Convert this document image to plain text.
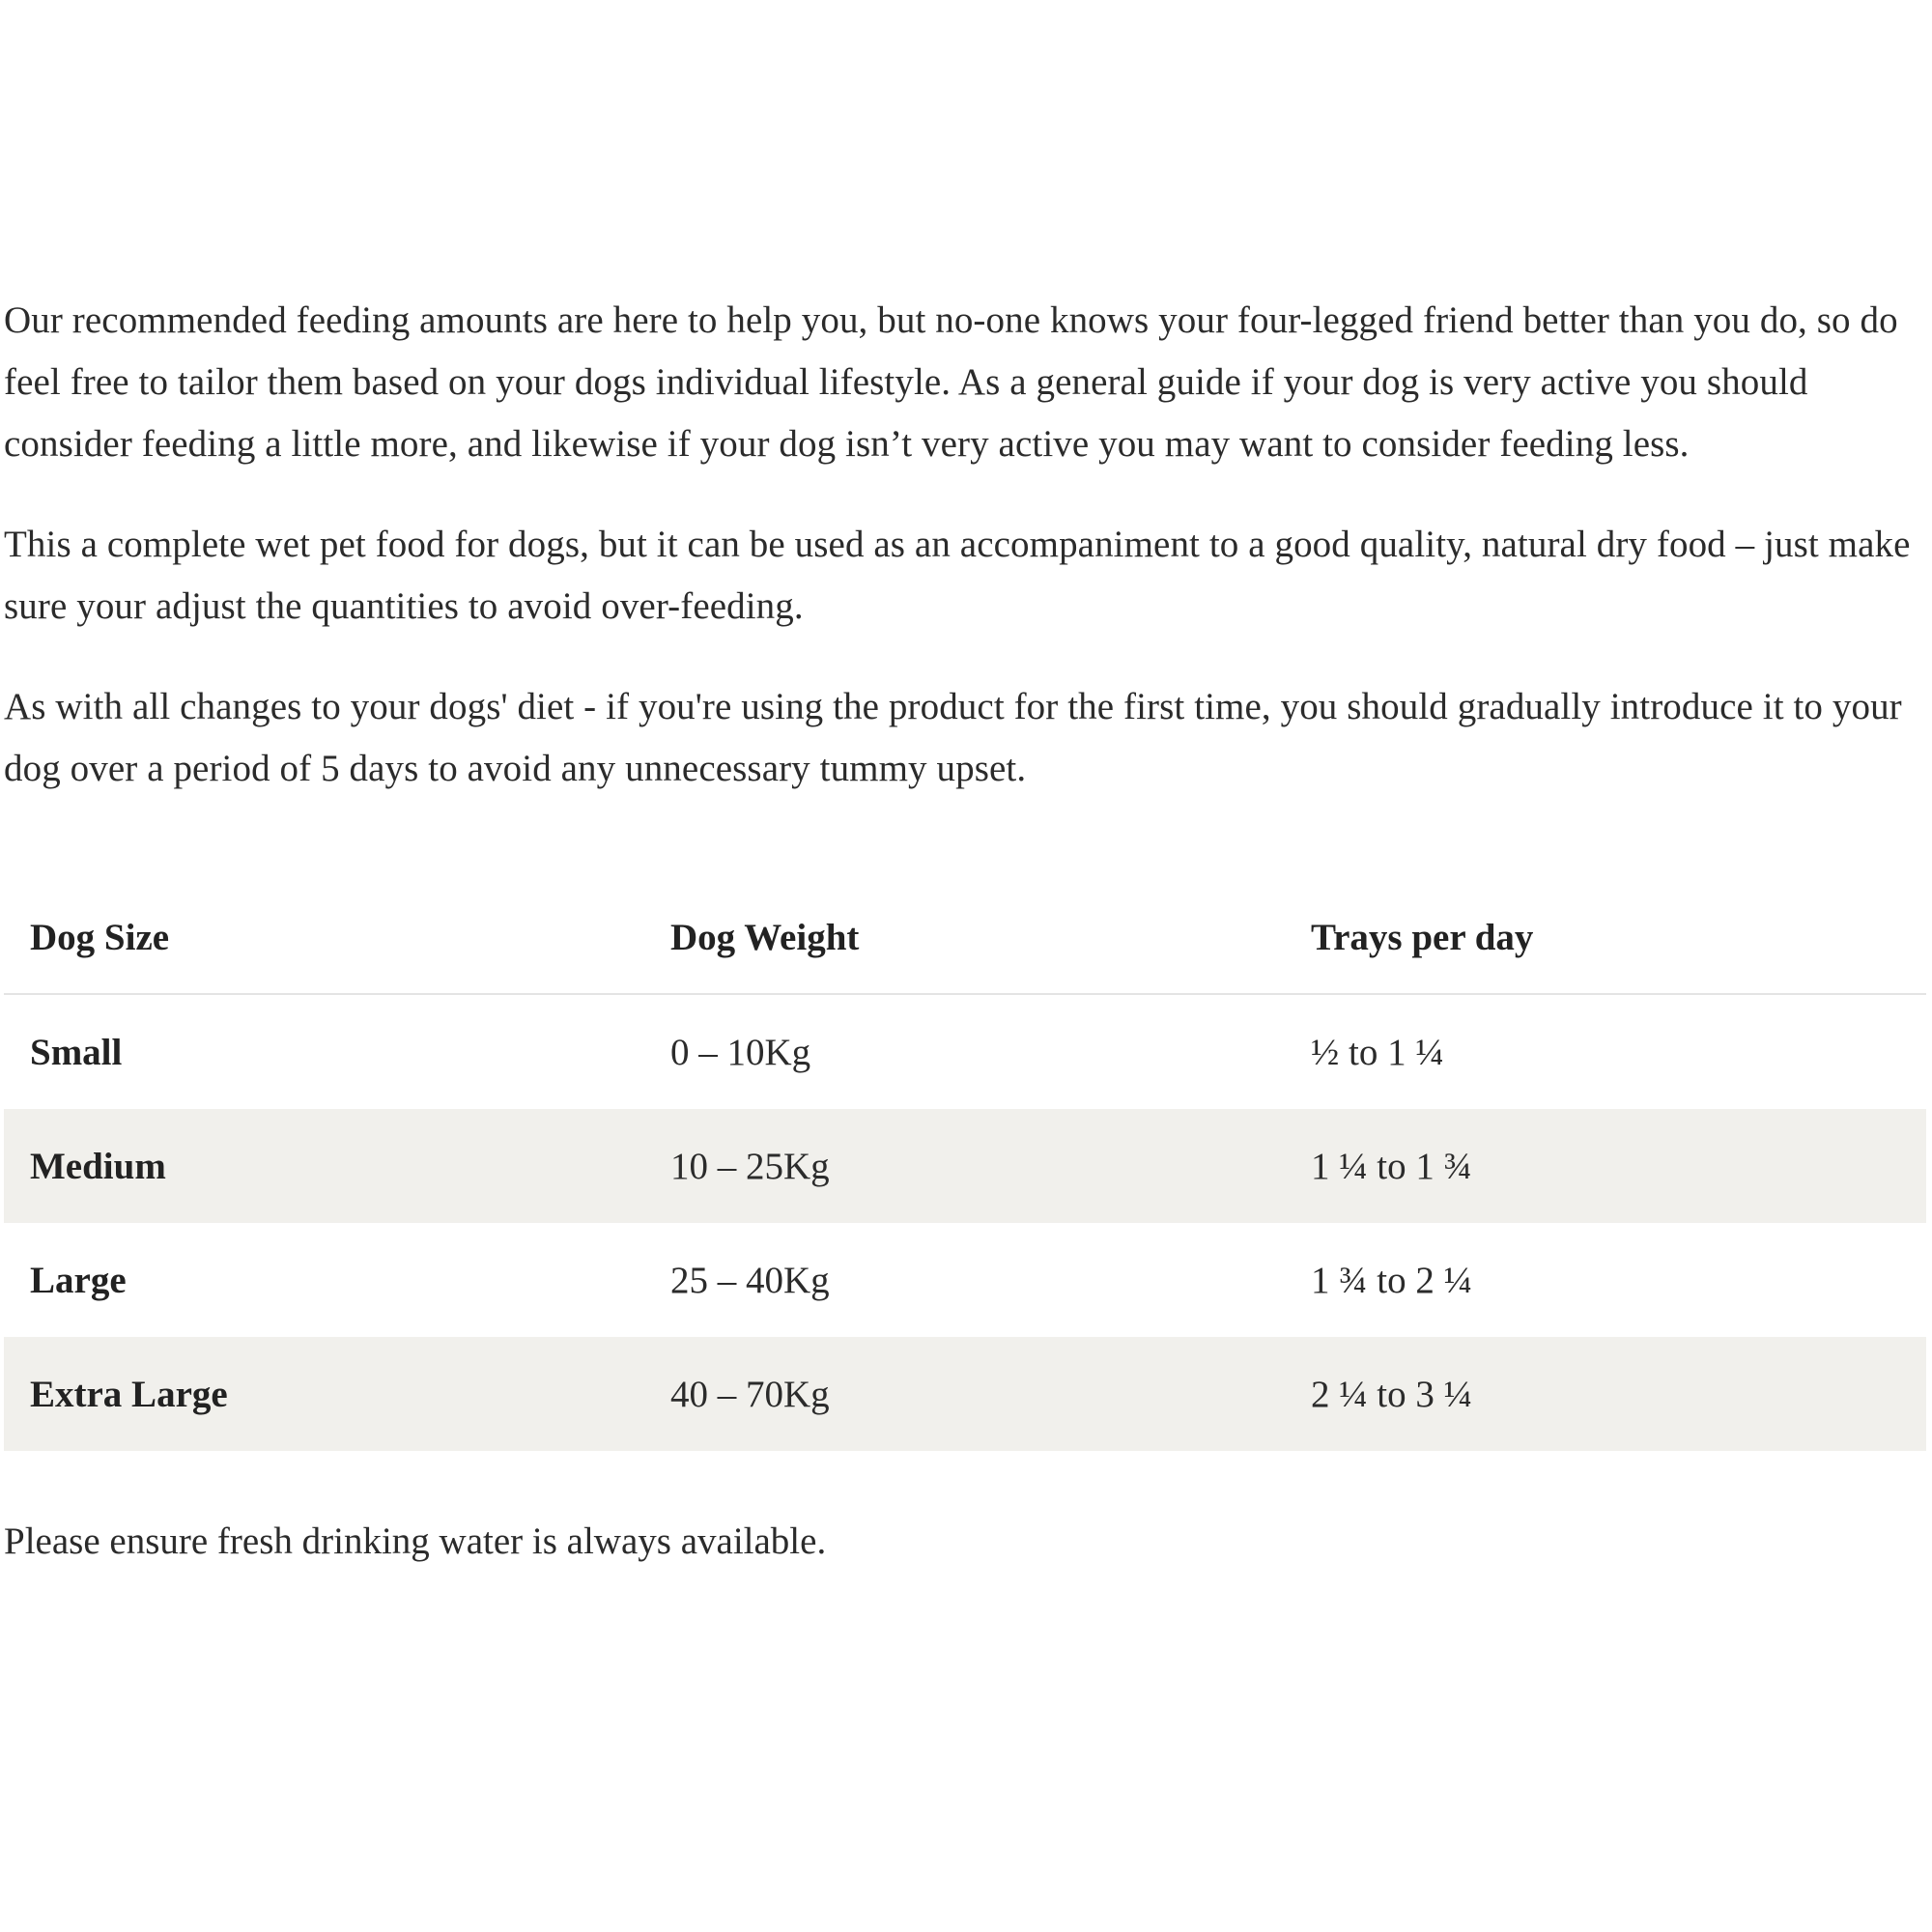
Our recommended feeding amounts are here to help you, but no-one knows your four-legged friend better than you do, so do feel free to tailor them based on your dogs individual lifestyle. As a general guide if your dog is very active you should consider feeding a little more, and likewise if your dog isn’t very active you may want to consider feeding less.

This a complete wet pet food for dogs, but it can be used as an accompaniment to a good quality, natural dry food – just make sure your adjust the quantities to avoid over-feeding.

As with all changes to your dogs' diet - if you're using the product for the first time, you should gradually introduce it to your dog over a period of 5 days to avoid any unnecessary tummy upset.

Dog Size	Dog Weight	Trays per day
Small	0 – 10Kg	½ to 1 ¼
Medium	10 – 25Kg	1 ¼ to 1 ¾
Large	25 – 40Kg	1 ¾ to 2 ¼
Extra Large	40 – 70Kg	2 ¼ to 3 ¼

Please ensure fresh drinking water is always available.
